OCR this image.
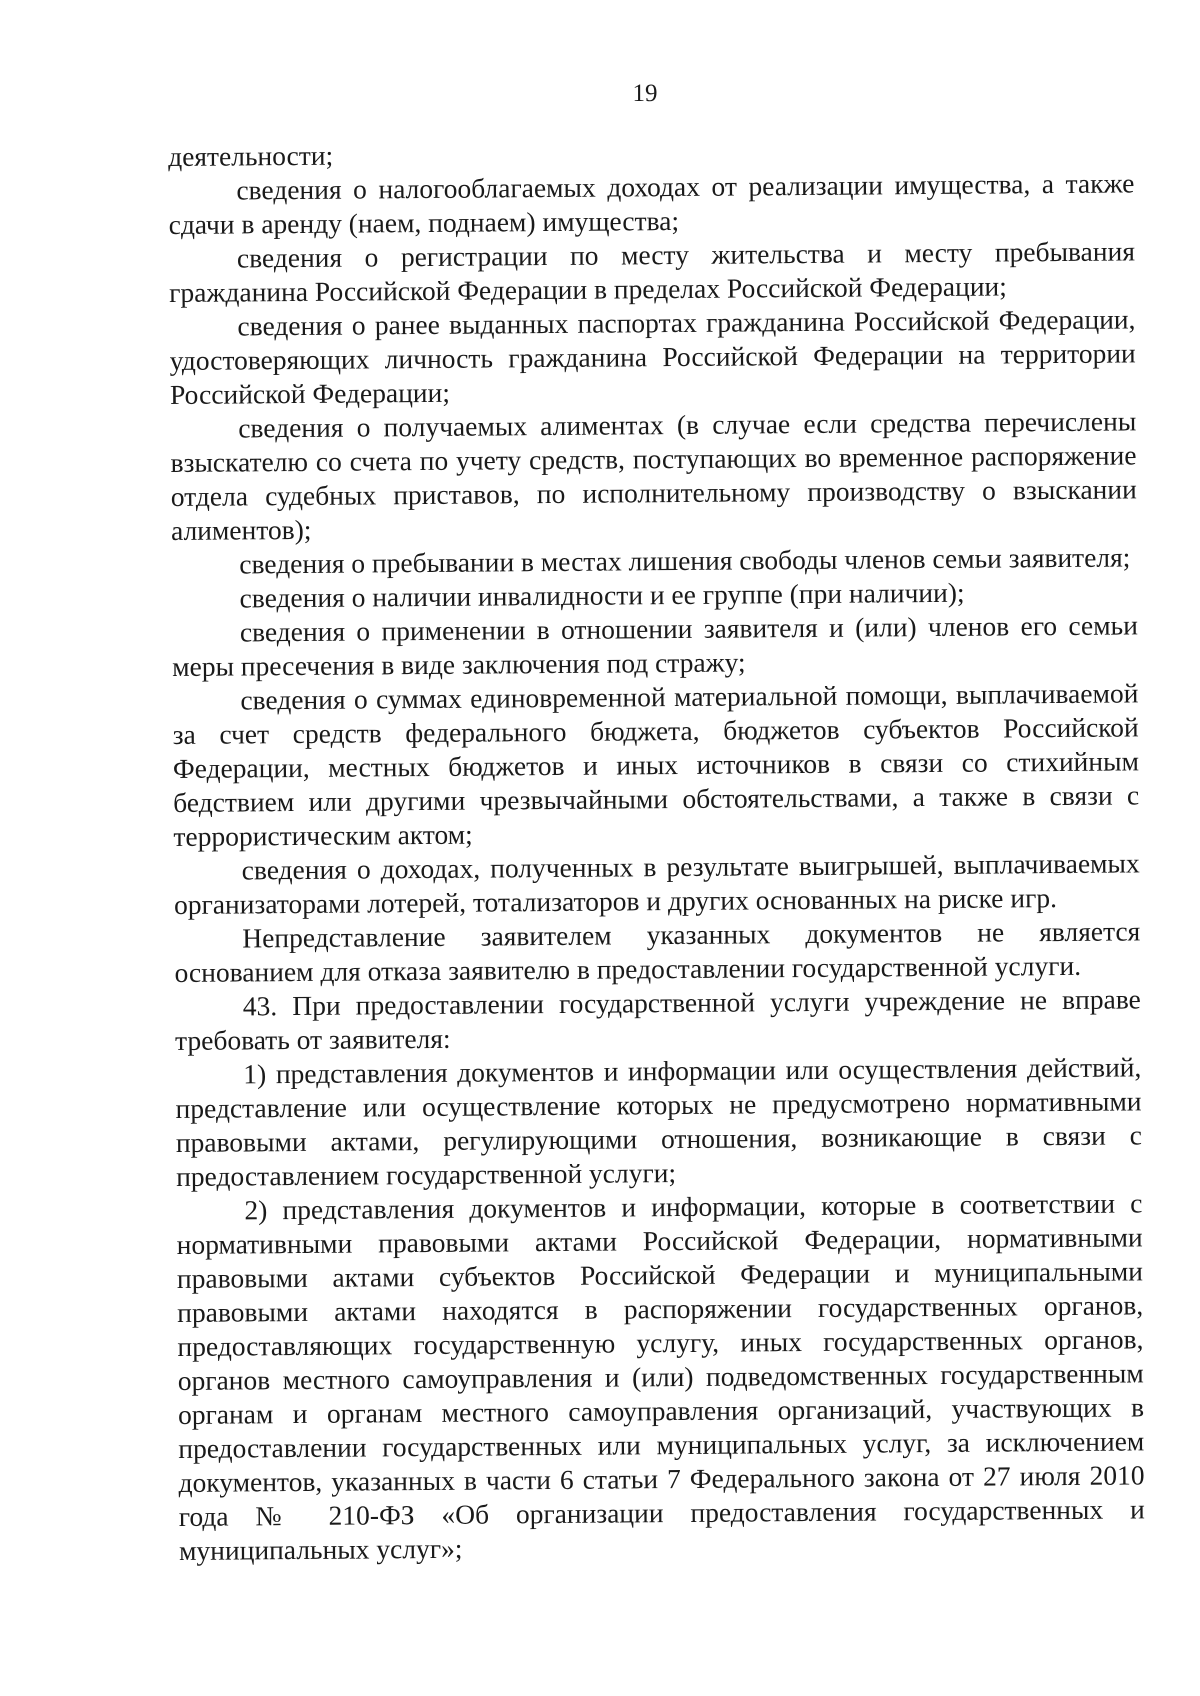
19

деятельности;

сведения о налогооблагаемых доходах от реализации имущества, а также сдачи в аренду (наем, поднаем) имущества;

сведения о регистрации по месту жительства и месту пребывания гражданина Российской Федерации в пределах Российской Федерации;

сведения о ранее выданных паспортах гражданина Российской Федерации, удостоверяющих личность гражданина Российской Федерации на территории Российской Федерации;

сведения о получаемых алиментах (в случае если средства перечислены взыскателю со счета по учету средств, поступающих во временное распоряжение отдела судебных приставов, по исполнительному производству о взыскании алиментов);

сведения о пребывании в местах лишения свободы членов семьи заявителя;

сведения о наличии инвалидности и ее группе (при наличии);

сведения о применении в отношении заявителя и (или) членов его семьи меры пресечения в виде заключения под стражу;

сведения о суммах единовременной материальной помощи, выплачиваемой за счет средств федерального бюджета, бюджетов субъектов Российской Федерации, местных бюджетов и иных источников в связи со стихийным бедствием или другими чрезвычайными обстоятельствами, а также в связи с террористическим актом;

сведения о доходах, полученных в результате выигрышей, выплачиваемых организаторами лотерей, тотализаторов и других основанных на риске игр.

Непредставление заявителем указанных документов не является основанием для отказа заявителю в предоставлении государственной услуги.

43. При предоставлении государственной услуги учреждение не вправе требовать от заявителя:

1) представления документов и информации или осуществления действий, представление или осуществление которых не предусмотрено нормативными правовыми актами, регулирующими отношения, возникающие в связи с предоставлением государственной услуги;

2) представления документов и информации, которые в соответствии с нормативными правовыми актами Российской Федерации, нормативными правовыми актами субъектов Российской Федерации и муниципальными правовыми актами находятся в распоряжении государственных органов, предоставляющих государственную услугу, иных государственных органов, органов местного самоуправления и (или) подведомственных государственным органам и органам местного самоуправления организаций, участвующих в предоставлении государственных или муниципальных услуг, за исключением документов, указанных в части 6 статьи 7 Федерального закона от 27 июля 2010 года № 210-ФЗ «Об организации предоставления государственных и муниципальных услуг»;
